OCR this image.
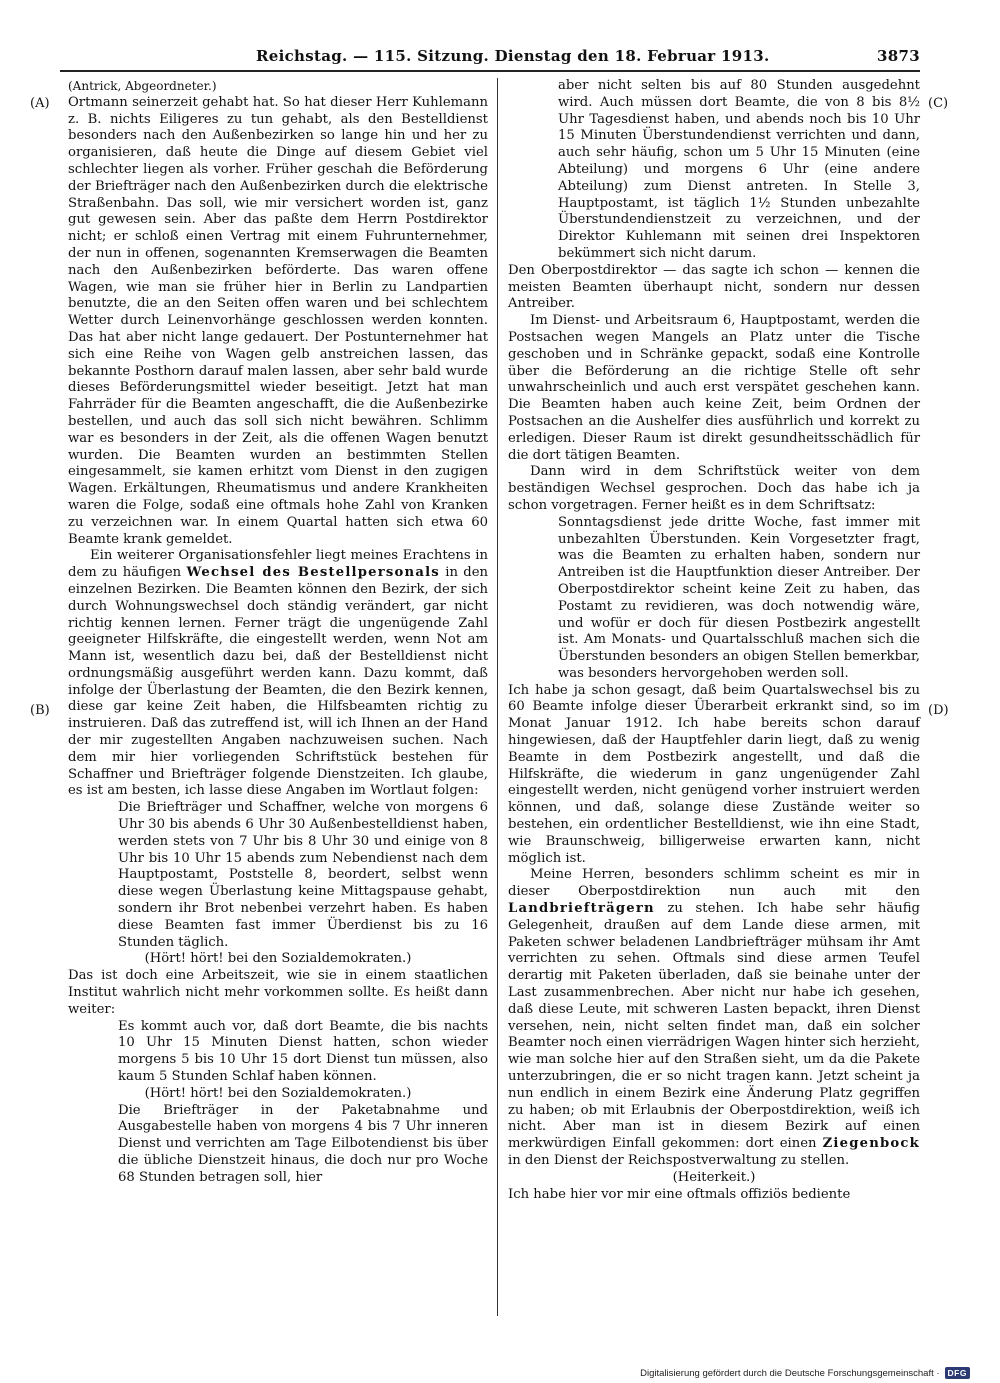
Reichstag. — 115. Sitzung. Dienstag den 18. Februar 1913.	3873
(A)
(B)
(C)
(D)

(Antrick, Abgeordneter.)

Ortmann seinerzeit gehabt hat. So hat dieser Herr Kuhlemann z. B. nichts Eiligeres zu tun gehabt, als den Bestelldienst besonders nach den Außenbezirken so lange hin und her zu organisieren, daß heute die Dinge auf diesem Gebiet viel schlechter liegen als vorher. Früher geschah die Beförderung der Briefträger nach den Außenbezirken durch die elektrische Straßenbahn. Das soll, wie mir versichert worden ist, ganz gut gewesen sein. Aber das paßte dem Herrn Postdirektor nicht; er schloß einen Vertrag mit einem Fuhrunternehmer, der nun in offenen, sogenannten Kremserwagen die Beamten nach den Außenbezirken beförderte. Das waren offene Wagen, wie man sie früher hier in Berlin zu Landpartien benutzte, die an den Seiten offen waren und bei schlechtem Wetter durch Leinenvorhänge geschlossen werden konnten. Das hat aber nicht lange gedauert. Der Postunternehmer hat sich eine Reihe von Wagen gelb anstreichen lassen, das bekannte Posthorn darauf malen lassen, aber sehr bald wurde dieses Beförderungsmittel wieder beseitigt. Jetzt hat man Fahrräder für die Beamten angeschafft, die die Außenbezirke bestellen, und auch das soll sich nicht bewähren. Schlimm war es besonders in der Zeit, als die offenen Wagen benutzt wurden. Die Beamten wurden an bestimmten Stellen eingesammelt, sie kamen erhitzt vom Dienst in den zugigen Wagen. Erkältungen, Rheumatismus und andere Krankheiten waren die Folge, sodaß eine oftmals hohe Zahl von Kranken zu verzeichnen war. In einem Quartal hatten sich etwa 60 Beamte krank gemeldet.

Ein weiterer Organisationsfehler liegt meines Erachtens in dem zu häufigen Wechsel des Bestellpersonals in den einzelnen Bezirken. Die Beamten können den Bezirk, der sich durch Wohnungswechsel doch ständig verändert, gar nicht richtig kennen lernen. Ferner trägt die ungenügende Zahl geeigneter Hilfskräfte, die eingestellt werden, wenn Not am Mann ist, wesentlich dazu bei, daß der Bestelldienst nicht ordnungsmäßig ausgeführt werden kann. Dazu kommt, daß infolge der Überlastung der Beamten, die den Bezirk kennen, diese gar keine Zeit haben, die Hilfsbeamten richtig zu instruieren. Daß das zutreffend ist, will ich Ihnen an der Hand der mir zugestellten Angaben nachzuweisen suchen. Nach dem mir hier vorliegenden Schriftstück bestehen für Schaffner und Briefträger folgende Dienstzeiten. Ich glaube, es ist am besten, ich lasse diese Angaben im Wortlaut folgen:

Die Briefträger und Schaffner, welche von morgens 6 Uhr 30 bis abends 6 Uhr 30 Außenbestelldienst haben, werden stets von 7 Uhr bis 8 Uhr 30 und einige von 8 Uhr bis 10 Uhr 15 abends zum Nebendienst nach dem Hauptpostamt, Poststelle 8, beordert, selbst wenn diese wegen Überlastung keine Mittagspause gehabt, sondern ihr Brot nebenbei verzehrt haben. Es haben diese Beamten fast immer Überdienst bis zu 16 Stunden täglich.

(Hört! hört! bei den Sozialdemokraten.)

Das ist doch eine Arbeitszeit, wie sie in einem staatlichen Institut wahrlich nicht mehr vorkommen sollte. Es heißt dann weiter:

Es kommt auch vor, daß dort Beamte, die bis nachts 10 Uhr 15 Minuten Dienst hatten, schon wieder morgens 5 bis 10 Uhr 15 dort Dienst tun müssen, also kaum 5 Stunden Schlaf haben können.

(Hört! hört! bei den Sozialdemokraten.)

Die Briefträger in der Paketabnahme und Ausgabestelle haben von morgens 4 bis 7 Uhr inneren Dienst und verrichten am Tage Eilbotendienst bis über die übliche Dienstzeit hinaus, die doch nur pro Woche 68 Stunden betragen soll, hier

aber nicht selten bis auf 80 Stunden ausgedehnt wird. Auch müssen dort Beamte, die von 8 bis 8½ Uhr Tagesdienst haben, und abends noch bis 10 Uhr 15 Minuten Überstundendienst verrichten und dann, auch sehr häufig, schon um 5 Uhr 15 Minuten (eine Abteilung) und morgens 6 Uhr (eine andere Abteilung) zum Dienst antreten. In Stelle 3, Hauptpostamt, ist täglich 1½ Stunden unbezahlte Überstundendienstzeit zu verzeichnen, und der Direktor Kuhlemann mit seinen drei Inspektoren bekümmert sich nicht darum.

Den Oberpostdirektor — das sagte ich schon — kennen die meisten Beamten überhaupt nicht, sondern nur dessen Antreiber.

Im Dienst- und Arbeitsraum 6, Hauptpostamt, werden die Postsachen wegen Mangels an Platz unter die Tische geschoben und in Schränke gepackt, sodaß eine Kontrolle über die Beförderung an die richtige Stelle oft sehr unwahrscheinlich und auch erst verspätet geschehen kann. Die Beamten haben auch keine Zeit, beim Ordnen der Postsachen an die Aushelfer dies ausführlich und korrekt zu erledigen. Dieser Raum ist direkt gesundheitsschädlich für die dort tätigen Beamten.

Dann wird in dem Schriftstück weiter von dem beständigen Wechsel gesprochen. Doch das habe ich ja schon vorgetragen. Ferner heißt es in dem Schriftsatz:

Sonntagsdienst jede dritte Woche, fast immer mit unbezahlten Überstunden. Kein Vorgesetzter fragt, was die Beamten zu erhalten haben, sondern nur Antreiben ist die Hauptfunktion dieser Antreiber. Der Oberpostdirektor scheint keine Zeit zu haben, das Postamt zu revidieren, was doch notwendig wäre, und wofür er doch für diesen Postbezirk angestellt ist. Am Monats- und Quartalsschluß machen sich die Überstunden besonders an obigen Stellen bemerkbar, was besonders hervorgehoben werden soll.

Ich habe ja schon gesagt, daß beim Quartalswechsel bis zu 60 Beamte infolge dieser Überarbeit erkrankt sind, so im Monat Januar 1912. Ich habe bereits schon darauf hingewiesen, daß der Hauptfehler darin liegt, daß zu wenig Beamte in dem Postbezirk angestellt, und daß die Hilfskräfte, die wiederum in ganz ungenügender Zahl eingestellt werden, nicht genügend vorher instruiert werden können, und daß, solange diese Zustände weiter so bestehen, ein ordentlicher Bestelldienst, wie ihn eine Stadt, wie Braunschweig, billigerweise erwarten kann, nicht möglich ist.

Meine Herren, besonders schlimm scheint es mir in dieser Oberpostdirektion nun auch mit den Landbriefträgern zu stehen. Ich habe sehr häufig Gelegenheit, draußen auf dem Lande diese armen, mit Paketen schwer beladenen Landbriefträger mühsam ihr Amt verrichten zu sehen. Oftmals sind diese armen Teufel derartig mit Paketen überladen, daß sie beinahe unter der Last zusammenbrechen. Aber nicht nur habe ich gesehen, daß diese Leute, mit schweren Lasten bepackt, ihren Dienst versehen, nein, nicht selten findet man, daß ein solcher Beamter noch einen vierrädrigen Wagen hinter sich herzieht, wie man solche hier auf den Straßen sieht, um da die Pakete unterzubringen, die er so nicht tragen kann. Jetzt scheint ja nun endlich in einem Bezirk eine Änderung Platz gegriffen zu haben; ob mit Erlaubnis der Oberpostdirektion, weiß ich nicht. Aber man ist in diesem Bezirk auf einen merkwürdigen Einfall gekommen: dort einen Ziegenbock in den Dienst der Reichspostverwaltung zu stellen.

(Heiterkeit.)

Ich habe hier vor mir eine oftmals offiziös bediente

Digitalisierung gefördert durch die Deutsche Forschungsgemeinschaft · DFG
